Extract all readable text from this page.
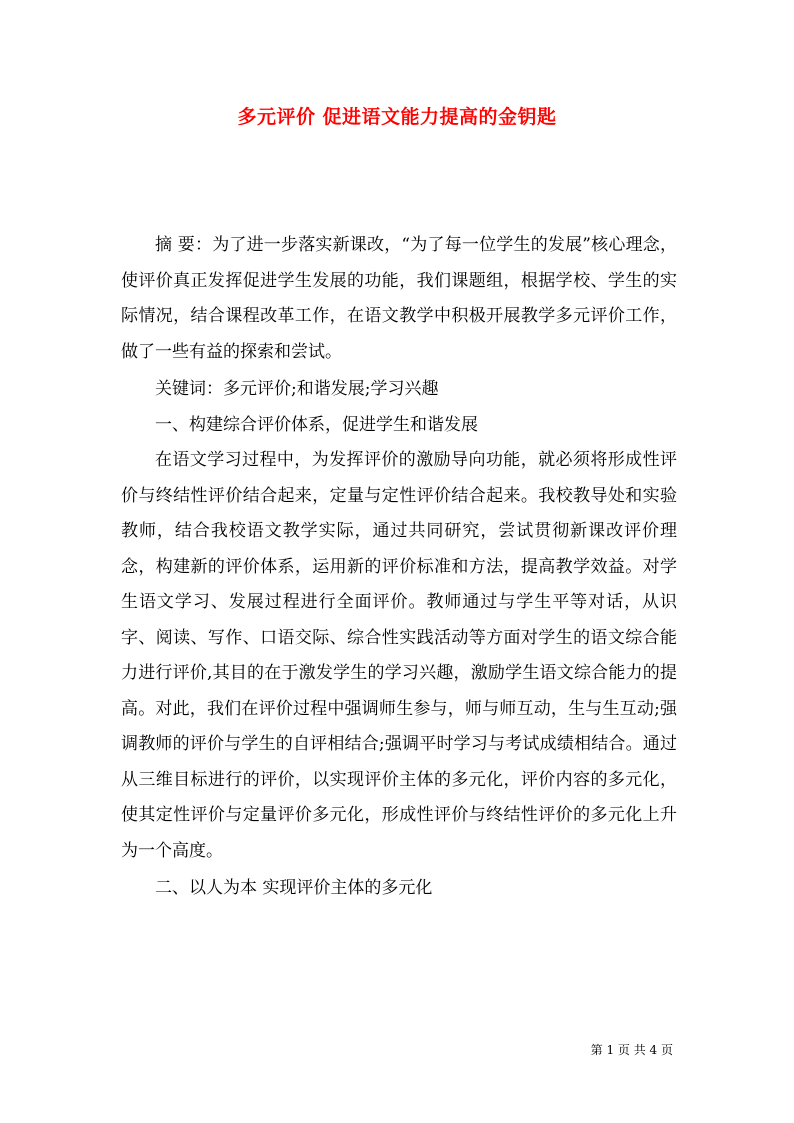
多元评价 促进语文能力提高的金钥匙

摘 要：为了进一步落实新课改，“为了每一位学生的发展”核心理念，使评价真正发挥促进学生发展的功能，我们课题组，根据学校、学生的实际情况，结合课程改革工作，在语文教学中积极开展教学多元评价工作，做了一些有益的探索和尝试。

关键词：多元评价;和谐发展;学习兴趣

一、构建综合评价体系，促进学生和谐发展

在语文学习过程中，为发挥评价的激励导向功能，就必须将形成性评价与终结性评价结合起来，定量与定性评价结合起来。我校教导处和实验教师，结合我校语文教学实际，通过共同研究，尝试贯彻新课改评价理念，构建新的评价体系，运用新的评价标准和方法，提高教学效益。对学生语文学习、发展过程进行全面评价。教师通过与学生平等对话，从识字、阅读、写作、口语交际、综合性实践活动等方面对学生的语文综合能力进行评价,其目的在于激发学生的学习兴趣，激励学生语文综合能力的提高。对此，我们在评价过程中强调师生参与，师与师互动，生与生互动;强调教师的评价与学生的自评相结合;强调平时学习与考试成绩相结合。通过从三维目标进行的评价，以实现评价主体的多元化，评价内容的多元化，使其定性评价与定量评价多元化，形成性评价与终结性评价的多元化上升为一个高度。

二、以人为本 实现评价主体的多元化

第 1 页 共 4 页
